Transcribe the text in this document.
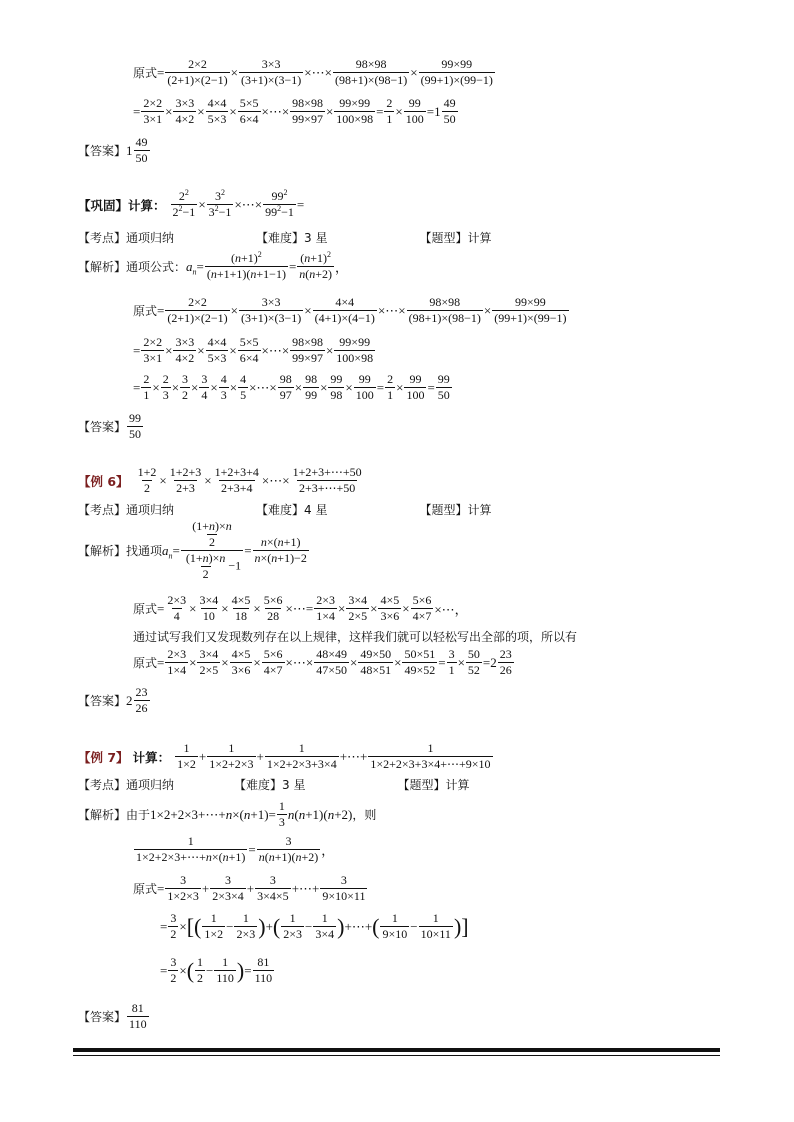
原式 = $\frac{2\times 2}{(2+1)\times(2-1)} \times \frac{3\times 3}{(3+1)\times(3-1)}$ ×⋯× $\frac{98\times 98}{(98+1)\times(98-1)} \times \frac{99\times 99}{(99+1)\times(99-1)}$
= $\frac{2\times 2}{3\times 1} \times \frac{3\times 3}{4\times 2} \times \frac{4\times 4}{5\times 3} \times \frac{5\times 5}{6\times 4}$ ×⋯× $\frac{98\times 98}{99\times 97} \times \frac{99\times 99}{100\times 98} = \frac{2}{1} \times \frac{99}{100} =1$
49
50
【答案】 1
49
50
【巩固】 计算： $\frac{2^2}{2^2-1} \times \frac{3^2}{3^2-1}$ ×⋯× $\frac{99^2}{99^2-1}$ =
【考点】 通项归纳	【难度】 3 星	【题型】 计算
【解析】 通项公式： $a_n= \frac{(n+1)^2}{(n+1+1)(n+1-1)} = \frac{(n+1)^2}{n(n+2)}$ ，
原式 = $\frac{2\times 2}{(2+1)\times(2-1)} \times \frac{3\times 3}{(3+1)\times(3-1)} \times \frac{4\times 4}{(4+1)\times(4-1)}$ ×⋯× $\frac{98\times 98}{(98+1)\times(98-1)} \times \frac{99\times 99}{(99+1)\times(99-1)}$
= $\frac{2\times 2}{3\times 1} \times \frac{3\times 3}{4\times 2} \times \frac{4\times 4}{5\times 3} \times \frac{5\times 5}{6\times 4}$ ×⋯× $\frac{98\times 98}{99\times 97} \times \frac{99\times 99}{100\times 98}$
= $\frac{2}{1} \times \frac{2}{3} \times \frac{3}{2} \times \frac{3}{4} \times \frac{4}{3} \times \frac{4}{5}$ ×⋯× $\frac{98}{97} \times \frac{98}{99} \times \frac{99}{98} \times \frac{99}{100} = \frac{2}{1} \times \frac{99}{100} = \frac{99}{50}$
【答案】
99
50
【例 6】 $\frac{1+2}{2} \times \frac{1+2+3}{2+3} \times \frac{1+2+3+4}{2+3+4}$ ×⋯× $\frac{1+2+3+\cdots+50}{2+3+\cdots+50}$
【考点】 通项归纳	【难度】 4 星	【题型】 计算
【解析】 找通项 $a_n= \frac{\frac{(1+n)\times n}{2}}{\frac{(1+n)\times n}{2} -1} = \frac{n\times(n+1)}{n\times(n+1)-2}$
原式 = $\frac{2\times 3}{4} \times \frac{3\times 4}{10} \times \frac{4\times 5}{18} \times \frac{5\times 6}{28}$ ×⋯= $\frac{2\times 3}{1\times 4} \times \frac{3\times 4}{2\times 5} \times \frac{4\times 5}{3\times 6} \times \frac{5\times 6}{4\times 7}$ ×⋯，
通过试写我们又发现数列存在以上规律，这样我们就可以轻松写出全部的项，所以有
原式 = $\frac{2\times 3}{1\times 4} \times \frac{3\times 4}{2\times 5} \times \frac{4\times 5}{3\times 6} \times \frac{5\times 6}{4\times 7}$ ×⋯× $\frac{48\times 49}{47\times 50} \times \frac{49\times 50}{48\times 51} \times \frac{50\times 51}{49\times 52} = \frac{3}{1} \times \frac{50}{52} =2$
23
26
【答案】 2
23
26
【例 7】 计算：
1
1×2
+ $\frac{1}{1\times 2+2\times 3} + \frac{1}{1\times 2+2\times 3+3\times 4}$ +⋯+ $\frac{1}{1\times 2+2\times 3+3\times 4+\cdots+9\times 10}$
【考点】 通项归纳	【难度】 3 星	【题型】 计算
【解析】 由于 1×2+2×3+⋯+n×(n+1)= $\frac{1}{3} n(n+1)(n+2)$ ，则
$\frac{1}{1\times 2+2\times 3+\cdots+n\times(n+1)} = \frac{3}{n(n+1)(n+2)}$ ，
原式 = $\frac{3}{1\times 2\times 3} + \frac{3}{2\times 3\times 4} + \frac{3}{3\times 4\times 5}$ +⋯+ $\frac{3}{9\times 10\times 11}$
= $\frac{3}{2}$ × [ ( 1
1×2
− $\frac{1}{2\times 3}$ ) + ( 1
2×3
− $\frac{1}{3\times 4}$ ) +⋯+ ( 1
9×10
− $\frac{1}{10\times 11}$ ) ]
= $\frac{3}{2}$ × ( 1
2
− $\frac{1}{110}$ ) = $\frac{81}{110}$
【答案】
81
110
